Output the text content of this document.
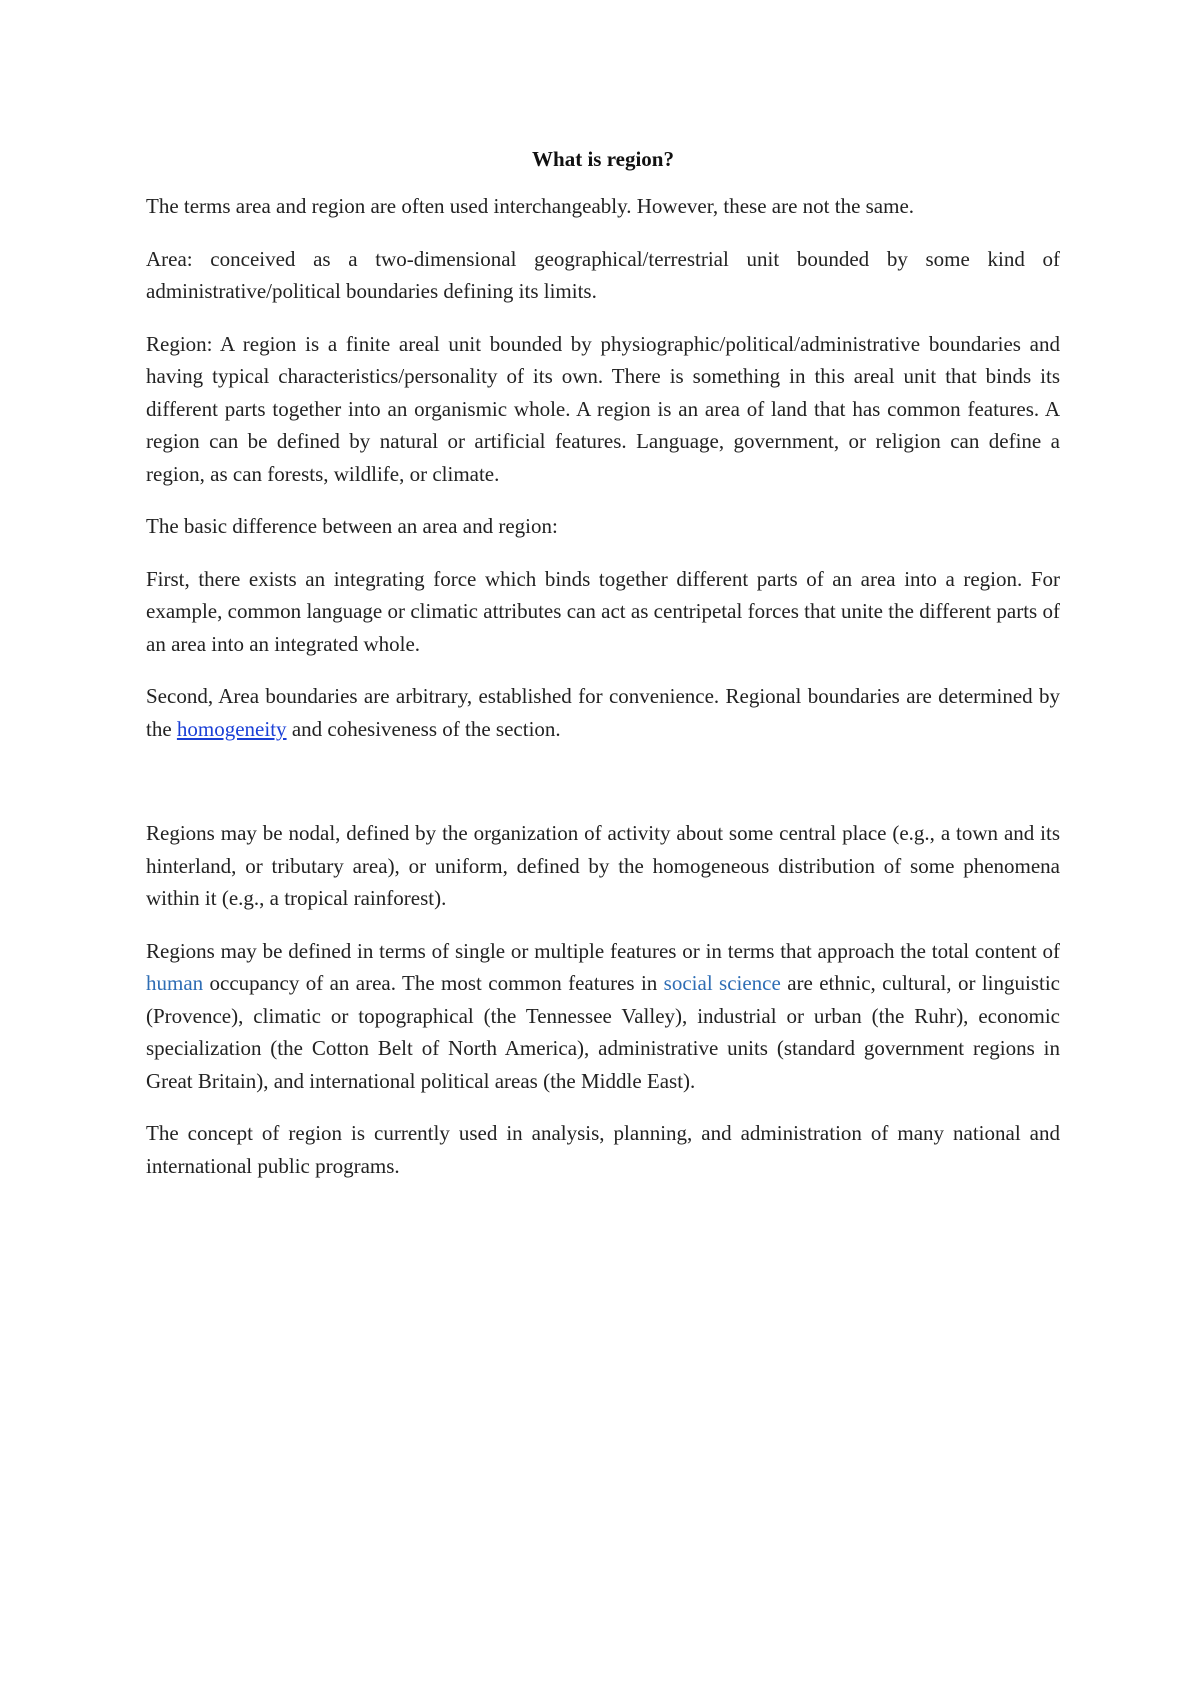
What is region?

The terms area and region are often used interchangeably. However, these are not the same.

Area: conceived as a two-dimensional geographical/terrestrial unit bounded by some kind of administrative/political boundaries defining its limits.

Region: A region is a finite areal unit bounded by physiographic/political/administrative boundaries and having typical characteristics/personality of its own. There is something in this areal unit that binds its different parts together into an organismic whole. A region is an area of land that has common features. A region can be defined by natural or artificial features. Language, government, or religion can define a region, as can forests, wildlife, or climate.

The basic difference between an area and region:

First, there exists an integrating force which binds together different parts of an area into a region. For example, common language or climatic attributes can act as centripetal forces that unite the different parts of an area into an integrated whole.

Second, Area boundaries are arbitrary, established for convenience. Regional boundaries are determined by the homogeneity and cohesiveness of the section.

Regions may be nodal, defined by the organization of activity about some central place (e.g., a town and its hinterland, or tributary area), or uniform, defined by the homogeneous distribution of some phenomena within it (e.g., a tropical rainforest).

Regions may be defined in terms of single or multiple features or in terms that approach the total content of human occupancy of an area. The most common features in social science are ethnic, cultural, or linguistic (Provence), climatic or topographical (the Tennessee Valley), industrial or urban (the Ruhr), economic specialization (the Cotton Belt of North America), administrative units (standard government regions in Great Britain), and international political areas (the Middle East).

The concept of region is currently used in analysis, planning, and administration of many national and international public programs.
